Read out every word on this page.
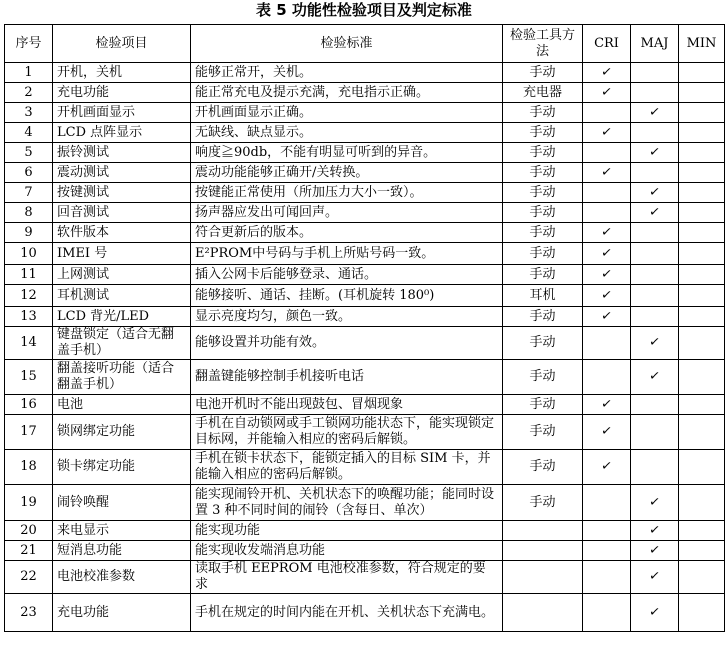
表 5 功能性检验项目及判定标准
序号	检验项目	检验标准	检验工具方法	CRI	MAJ	MIN
1	开机，关机	能够正常开，关机。	手动	✓		
2	充电功能	能正常充电及提示充满，充电指示正确。	充电器	✓		
3	开机画面显示	开机画面显示正确。	手动		✓	
4	LCD 点阵显示	无缺线、缺点显示。	手动	✓		
5	振铃测试	响度≧90db，不能有明显可听到的异音。	手动		✓	
6	震动测试	震动功能能够正确开/关转换。	手动	✓		
7	按键测试	按键能正常使用（所加压力大小一致）。	手动		✓	
8	回音测试	扬声器应发出可闻回声。	手动		✓	
9	软件版本	符合更新后的版本。	手动	✓		
10	IMEI 号	E²PROM中号码与手机上所贴号码一致。	手动	✓		
11	上网测试	插入公网卡后能够登录、通话。	手动	✓		
12	耳机测试	能够接听、通话、挂断。(耳机旋转 180⁰)	耳机	✓		
13	LCD 背光/LED	显示亮度均匀，颜色一致。	手动	✓		
14	键盘锁定（适合无翻盖手机）	能够设置并功能有效。	手动		✓	
15	翻盖接听功能（适合翻盖手机）	翻盖键能够控制手机接听电话	手动		✓	
16	电池	电池开机时不能出现鼓包、冒烟现象	手动	✓		
17	锁网绑定功能	手机在自动锁网或手工锁网功能状态下，能实现锁定目标网，并能输入相应的密码后解锁。	手动	✓		
18	锁卡绑定功能	手机在锁卡状态下，能锁定插入的目标 SIM 卡，并能输入相应的密码后解锁。	手动	✓		
19	闹铃唤醒	能实现闹铃开机、关机状态下的唤醒功能；能同时设置 3 种不同时间的闹铃（含每日、单次）	手动		✓	
20	来电显示	能实现功能			✓	
21	短消息功能	能实现收发端消息功能			✓	
22	电池校准参数	读取手机 EEPROM 电池校准参数，符合规定的要求			✓	
23	充电功能	手机在规定的时间内能在开机、关机状态下充满电。			✓	
